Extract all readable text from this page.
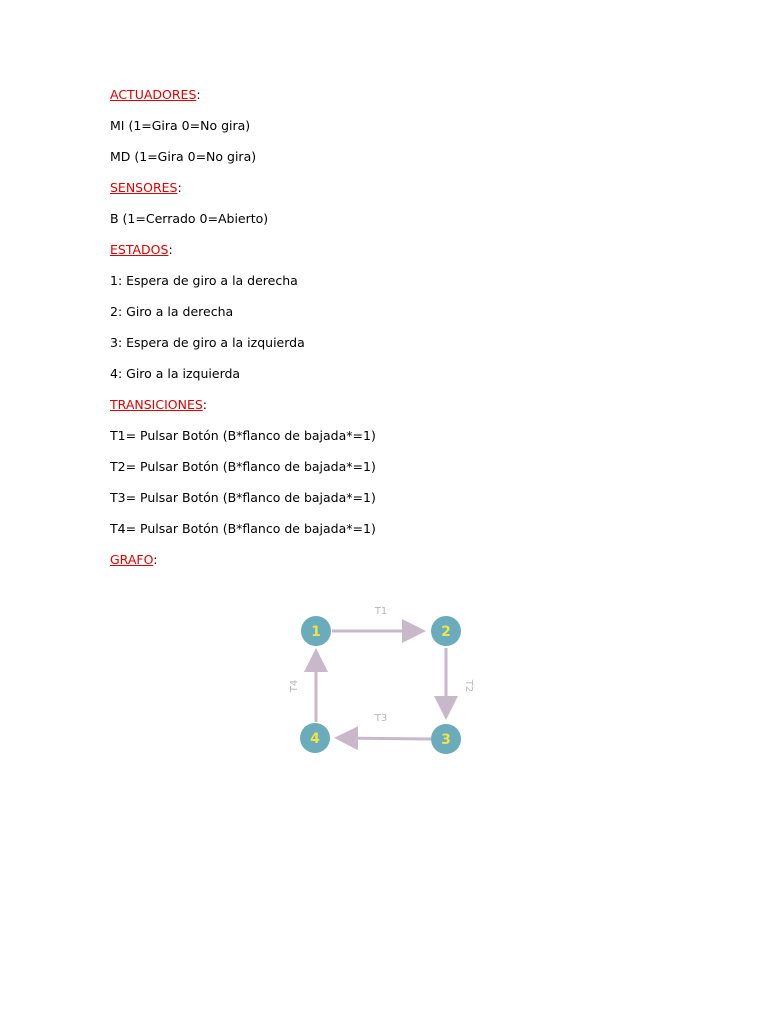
ACTUADORES:
MI (1=Gira 0=No gira)
MD (1=Gira 0=No gira)
SENSORES:
B (1=Cerrado 0=Abierto)
ESTADOS:
1: Espera de giro a la derecha
2: Giro a la derecha
3: Espera de giro a la izquierda
4: Giro a la izquierda
TRANSICIONES:
T1= Pulsar Botón (B*flanco de bajada*=1)
T2= Pulsar Botón (B*flanco de bajada*=1)
T3= Pulsar Botón (B*flanco de bajada*=1)
T4= Pulsar Botón (B*flanco de bajada*=1)
GRAFO:
T1
T2
T3
T4
1	2
3
4
